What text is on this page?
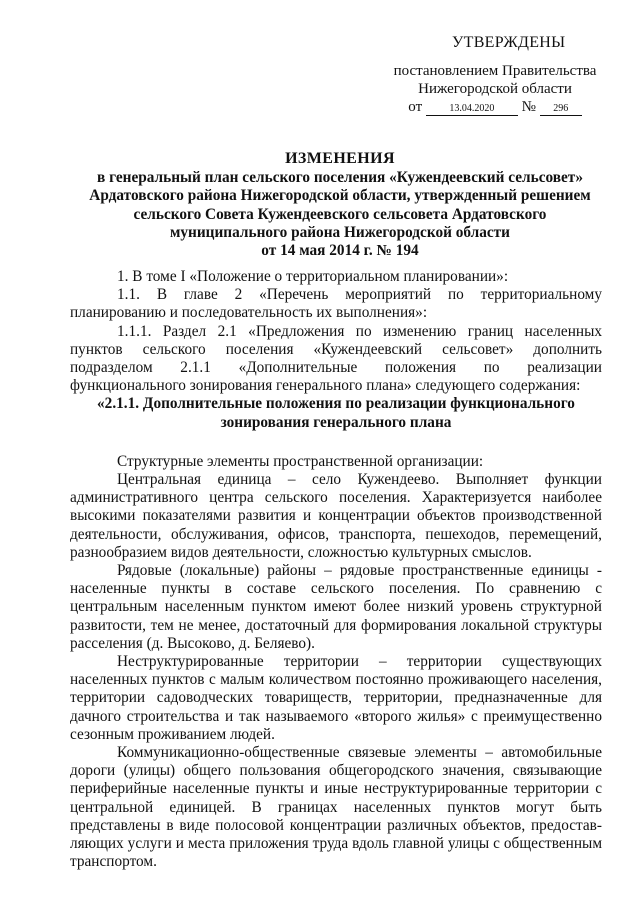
УТВЕРЖДЕНЫ
постановлением Правительства
Нижегородской области
от	13.04.2020 № 296
ИЗМЕНЕНИЯ
в генеральный план сельского поселения «Кужендеевский сельсовет»
Ардатовского района Нижегородской области, утвержденный решением
сельского Совета Кужендеевского сельсовета Ардатовского
муниципального района Нижегородской области
от 14 мая 2014 г. № 194

1. В томе I «Положение о территориальном планировании»:

1.1. В главе 2 «Перечень мероприятий по территориальному планированию и последовательность их выполнения»:

1.1.1. Раздел 2.1 «Предложения по изменению границ населенных пунктов сельского поселения «Кужендеевский сельсовет» дополнить подразделом 2.1.1 «Дополнительные положения по реализации функционального зонирования генерального плана» следующего содержания:

«2.1.1. Дополнительные положения по реализации функционального

зонирования генерального плана

Структурные элементы пространственной организации:

Центральная единица – село Кужендеево. Выполняет функции административного центра сельского поселения. Характеризуется наиболее высокими показателями развития и концентрации объектов производственной деятельности, обслуживания, офисов, транспорта, пешеходов, перемещений, разнообразием видов деятельности, сложностью культурных смыслов.

Рядовые (локальные) районы – рядовые пространственные единицы - населенные пункты в составе сельского поселения. По сравнению с центральным населенным пунктом имеют более низкий уровень структурной развитости, тем не менее, достаточный для формирования локальной структуры расселения (д. Высоково, д. Беляево).

Неструктурированные территории – территории существующих населенных пунктов с малым количеством постоянно проживающего населения, территории садоводческих товариществ, территории, предназначенные для дачного строительства и так называемого «второго жилья» с преимущественно сезонным проживанием людей.

Коммуникационно-общественные связевые элементы – автомобильные дороги (улицы) общего пользования общегородского значения, связывающие периферийные населенные пункты и иные неструктурированные территории с центральной единицей. В границах населенных пунктов могут быть представлены в виде полосовой концентрации различных объектов, предостав-ляющих услуги и места приложения труда вдоль главной улицы с общественным транспортом.
